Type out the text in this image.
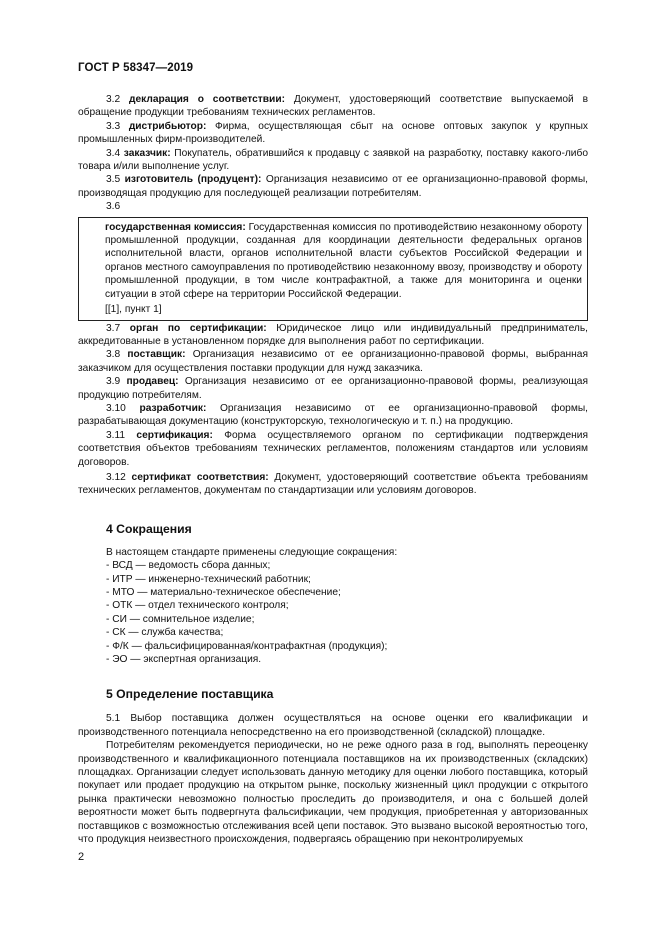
ГОСТ Р 58347—2019

3.2 декларация о соответствии: Документ, удостоверяющий соответствие выпускаемой в обращение продукции требованиям технических регламентов.

3.3 дистрибьютор: Фирма, осуществляющая сбыт на основе оптовых закупок у крупных промышленных фирм-производителей.

3.4 заказчик: Покупатель, обратившийся к продавцу с заявкой на разработку, поставку какого-либо товара и/или выполнение услуг.

3.5 изготовитель (продуцент): Организация независимо от ее организационно-правовой формы, производящая продукцию для последующей реализации потребителям.

3.6

государственная комиссия: Государственная комиссия по противодействию незаконному обороту промышленной продукции, созданная для координации деятельности федеральных органов исполнительной власти, органов исполнительной власти субъектов Российской Федерации и органов местного самоуправления по противодействию незаконному ввозу, производству и обороту промышленной продукции, в том числе контрафактной, а также для мониторинга и оценки ситуации в этой сфере на территории Российской Федерации.

[[1], пункт 1]

3.7 орган по сертификации: Юридическое лицо или индивидуальный предприниматель, аккредитованные в установленном порядке для выполнения работ по сертификации.

3.8 поставщик: Организация независимо от ее организационно-правовой формы, выбранная заказчиком для осуществления поставки продукции для нужд заказчика.

3.9 продавец: Организация независимо от ее организационно-правовой формы, реализующая продукцию потребителям.

3.10 разработчик: Организация независимо от ее организационно-правовой формы, разрабатывающая документацию (конструкторскую, технологическую и т. п.) на продукцию.

3.11 сертификация: Форма осуществляемого органом по сертификации подтверждения соответствия объектов требованиям технических регламентов, положениям стандартов или условиям договоров.

3.12 сертификат соответствия: Документ, удостоверяющий соответствие объекта требованиям технических регламентов, документам по стандартизации или условиям договоров.

4 Сокращения

В настоящем стандарте применены следующие сокращения:

- ВСД — ведомость сбора данных;
- ИТР — инженерно-технический работник;
- МТО — материально-техническое обеспечение;
- ОТК — отдел технического контроля;
- СИ — сомнительное изделие;
- СК — служба качества;
- Ф/К — фальсифицированная/контрафактная (продукция);
- ЭО — экспертная организация.
5 Определение поставщика

5.1 Выбор поставщика должен осуществляться на основе оценки его квалификации и производственного потенциала непосредственно на его производственной (складской) площадке.

Потребителям рекомендуется периодически, но не реже одного раза в год, выполнять переоценку производственного и квалификационного потенциала поставщиков на их производственных (складских) площадках. Организации следует использовать данную методику для оценки любого поставщика, который покупает или продает продукцию на открытом рынке, поскольку жизненный цикл продукции с открытого рынка практически невозможно полностью проследить до производителя, и она с большей долей вероятности может быть подвергнута фальсификации, чем продукция, приобретенная у авторизованных поставщиков с возможностью отслеживания всей цепи поставок. Это вызвано высокой вероятностью того, что продукция неизвестного происхождения, подвергаясь обращению при неконтролируемых

2
